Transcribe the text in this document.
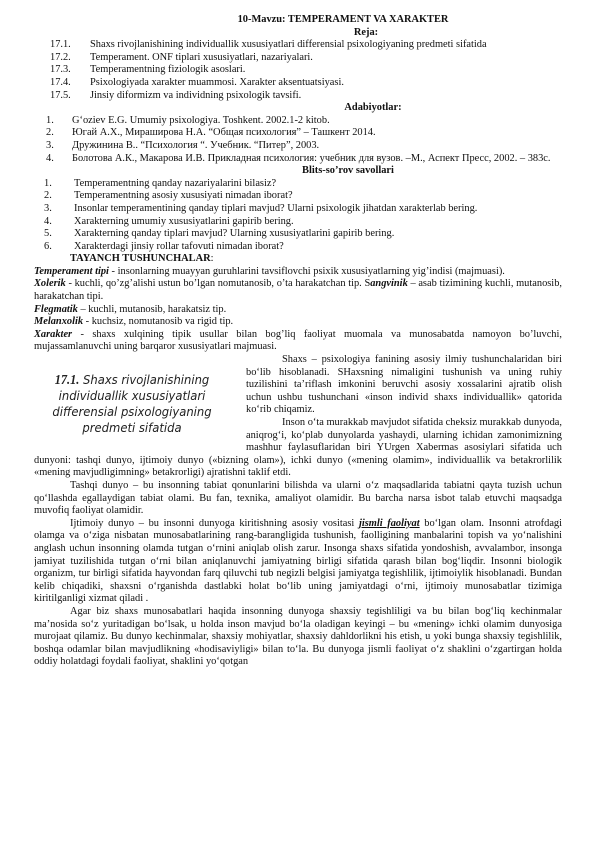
10-Mavzu: TEMPERAMENT VA XARAKTER
Reja:
17.1.	Shaxs rivojlanishining individuallik xususiyatlari differensial psixologiyaning predmeti sifatida
17.2.	Temperament. ONF tiplari xususiyatlari, nazariyalari.
17.3.	Temperamentning fiziologik asoslari.
17.4.	Psixologiyada xarakter muammosi. Xarakter aksentuatsiyasi.
17.5.	Jinsiy diformizm va individning psixologik tavsifi.
Adabiyotlar:
1.	G‘oziev E.G. Umumiy psixologiya. Toshkent. 2002.1-2 kitob.
2.	Югай А.Х., Мираширова Н.А. “Общая психология” – Ташкент 2014.
3.	Дружинина В.. “Психология “. Учебник. “Питер”, 2003.
4.	Болотова А.К., Макарова И.В. Прикладная психология: учебник для вузов. –М., Аспект Пресс, 2002. – 383с.
Blits-so’rov savollari
1.	Temperamentning qanday nazariyalarini bilasiz?
2.	Temperamentning asosiy xususiyati nimadan iborat?
3.	Insonlar temperamentining qanday tiplari mavjud? Ularni psixologik jihatdan xarakterlab bering.
4.	Xarakterning umumiy xususiyatlarini gapirib bering.
5.	Xarakterning qanday tiplari mavjud? Ularning xususiyatlarini gapirib bering.
6.	Xarakterdagi jinsiy rollar tafovuti nimadan iborat?
TAYANCH TUSHUNCHALAR:

Temperament tipi - insonlarning muayyan guruhlarini tavsiflovchi psixik xususiyatlarning yig’indisi (majmuasi).

Xolerik - kuchli, qo’zg’alishi ustun bo’lgan nomutanosib, o’ta harakatchan tip. Sangvinik – asab tizimining kuchli, mutanosib, harakatchan tipi.

Flegmatik – kuchli, mutanosib, harakatsiz tip.

Melanxolik - kuchsiz, nomutanosib va rigid tip.

Xarakter - shaxs xulqining tipik usullar bilan bog’liq faoliyat muomala va munosabatda namoyon bo’luvchi, mujassamlanuvchi uning barqaror xususiyatlari majmuasi.

17.1. Shaxs rivojlanishining individuallik xususiyatlari differensial psixologiyaning predmeti sifatida

Shaxs – psixologiya fanining asosiy ilmiy tushunchalaridan biri bo‘lib hisoblanadi. SHaxsning nimaligini tushunish va uning ruhiy tuzilishini ta’riflash imkonini beruvchi asosiy xossalarini ajratib olish uchun ushbu tushunchani «inson individ shaxs individuallik» qatorida ko‘rib chiqamiz.

Inson o‘ta murakkab mavjudot sifatida cheksiz murakkab dunyoda, aniqrog‘i, ko‘plab dunyolarda yashaydi, ularning ichidan zamonimizning mashhur faylasuflaridan biri YUrgen Xabermas asosiylari sifatida uch dunyoni: tashqi dunyo, ijtimoiy dunyo («bizning olam»), ichki dunyo («mening olamim», individuallik va betakrorlilik «mening mavjudligimning» betakrorligi) ajratishni taklif etdi.

Tashqi dunyo – bu insonning tabiat qonunlarini bilishda va ularni o‘z maqsadlarida tabiatni qayta tuzish uchun qo‘llashda egallaydigan tabiat olami. Bu fan, texnika, amaliyot olamidir. Bu barcha narsa isbot talab etuvchi maqsadga muvofiq faoliyat olamidir.

Ijtimoiy dunyo – bu insonni dunyoga kiritishning asosiy vositasi jismli faoliyat bo‘lgan olam. Insonni atrofdagi olamga va o‘ziga nisbatan munosabatlarining rang-barangligida tushunish, faolligining manbalarini topish va yo‘nalishini anglash uchun insonning olamda tutgan o‘rnini aniqlab olish zarur. Insonga shaxs sifatida yondoshish, avvalambor, insonga jamiyat tuzilishida tutgan o‘rni bilan aniqlanuvchi jamiyatning birligi sifatida qarash bilan bog‘liqdir. Insonni biologik organizm, tur birligi sifatida hayvondan farq qiluvchi tub negizli belgisi jamiyatga tegishlilik, ijtimoiylik hisoblanadi. Bundan kelib chiqadiki, shaxsni o‘rganishda dastlabki holat bo‘lib uning jamiyatdagi o‘rni, ijtimoiy munosabatlar tizimiga kiritilganligi xizmat qiladi .

Agar biz shaxs munosabatlari haqida insonning dunyoga shaxsiy tegishliligi va bu bilan bog‘liq kechinmalar ma’nosida so‘z yuritadigan bo‘lsak, u holda inson mavjud bo‘la oladigan keyingi – bu «mening» ichki olamim dunyosiga murojaat qilamiz. Bu dunyo kechinmalar, shaxsiy mohiyatlar, shaxsiy dahldorlikni his etish, u yoki bunga shaxsiy tegishlilik, boshqa odamlar bilan mavjudlikning «hodisaviyligi» bilan to‘la. Bu dunyoga jismli faoliyat o‘z shaklini o‘zgartirgan holda oddiy holatdagi foydali faoliyat, shaklini yo‘qotgan
